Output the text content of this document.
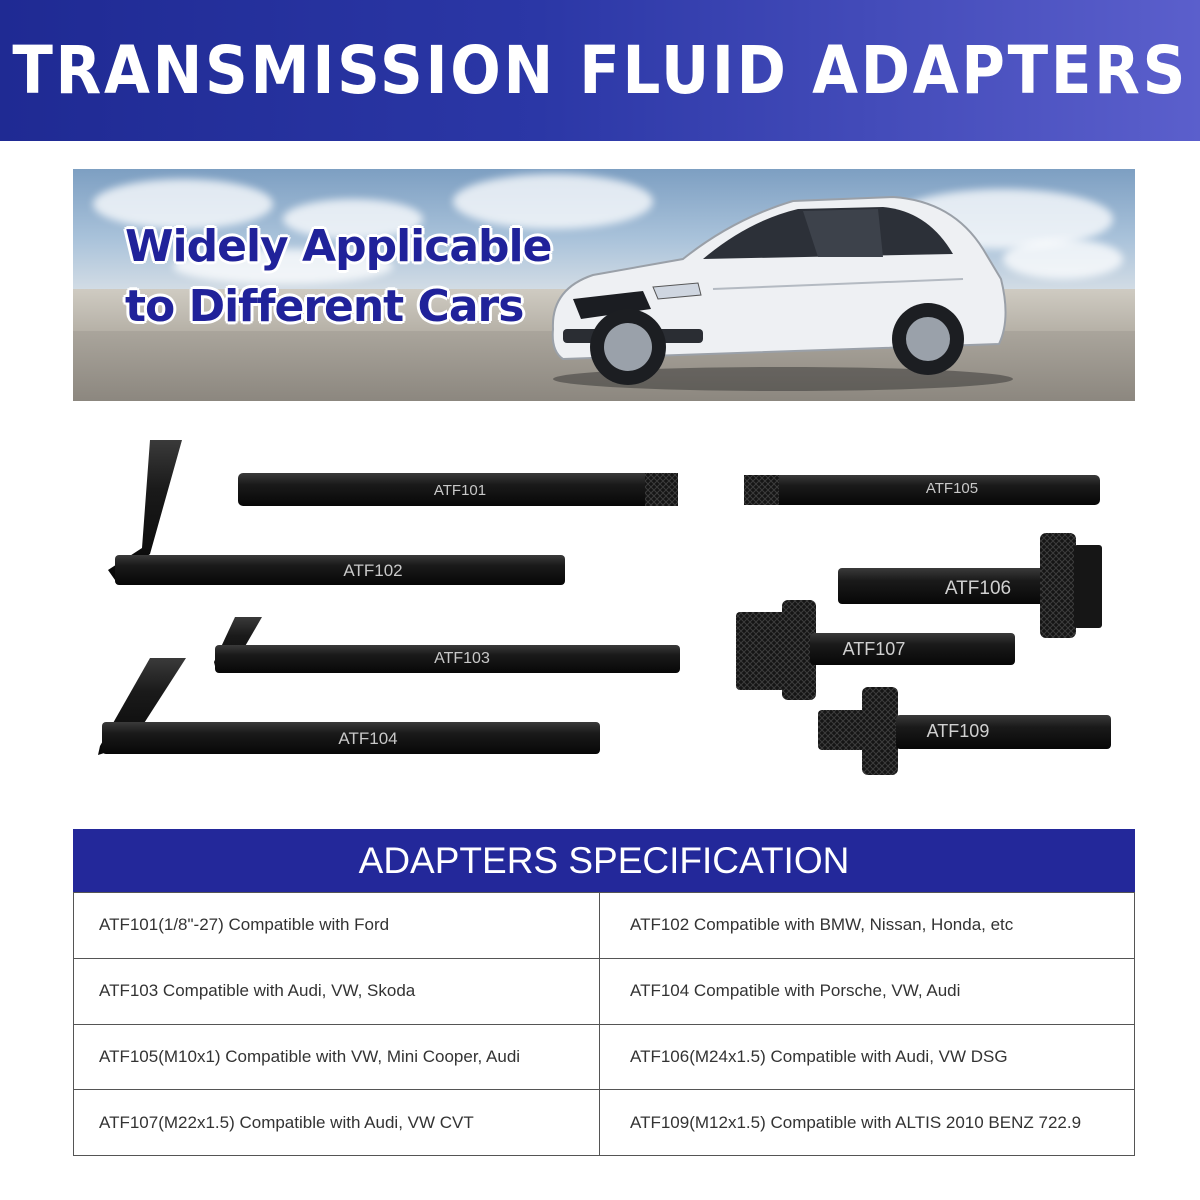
TRANSMISSION FLUID ADAPTERS

Widely Applicable
to Different Cars

ATF101
ATF102
ATF103
ATF104
ATF105
ATF106
ATF107
ATF109
ADAPTERS SPECIFICATION
ATF101(1/8"-27) Compatible with Ford	ATF102 Compatible with BMW, Nissan, Honda, etc
ATF103 Compatible with Audi, VW, Skoda	ATF104 Compatible with Porsche, VW, Audi
ATF105(M10x1) Compatible with VW, Mini Cooper, Audi	ATF106(M24x1.5) Compatible with Audi, VW DSG
ATF107(M22x1.5) Compatible with Audi, VW CVT	ATF109(M12x1.5) Compatible with ALTIS 2010 BENZ 722.9
